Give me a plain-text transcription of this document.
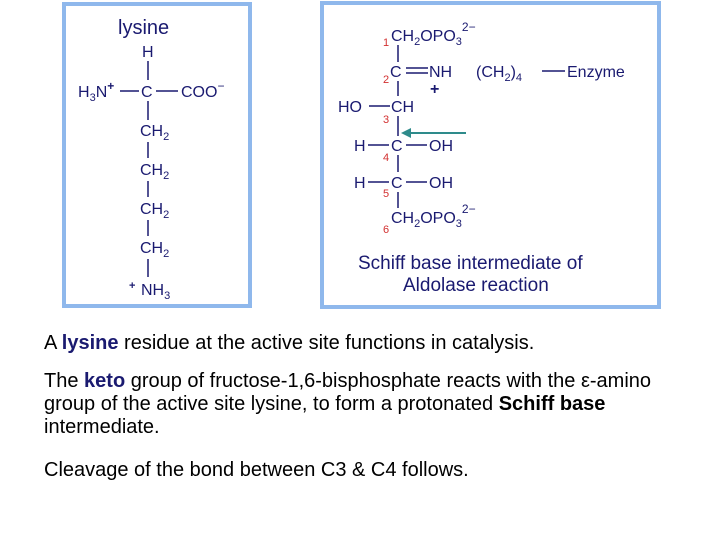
lysine
H
$H_3N^+$ C COO−
$CH_2$
$CH_2$
$CH_2$
$CH_2$
+ $NH_3$
$CH_2OPO_3^{2-}$
1
C NH
+
$(CH_2)_4$	Enzyme
2
HO CH
3
H C OH
4
H C OH
5
$CH_2OPO_3^{2-}$
6
Schiff base intermediate of
Aldolase reaction
A lysine residue at the active site functions in catalysis.
The keto group of fructose-1,6-bisphosphate reacts with the ε-amino group of the active site lysine, to form a protonated Schiff base intermediate.
Cleavage of the bond between C3 & C4 follows.
